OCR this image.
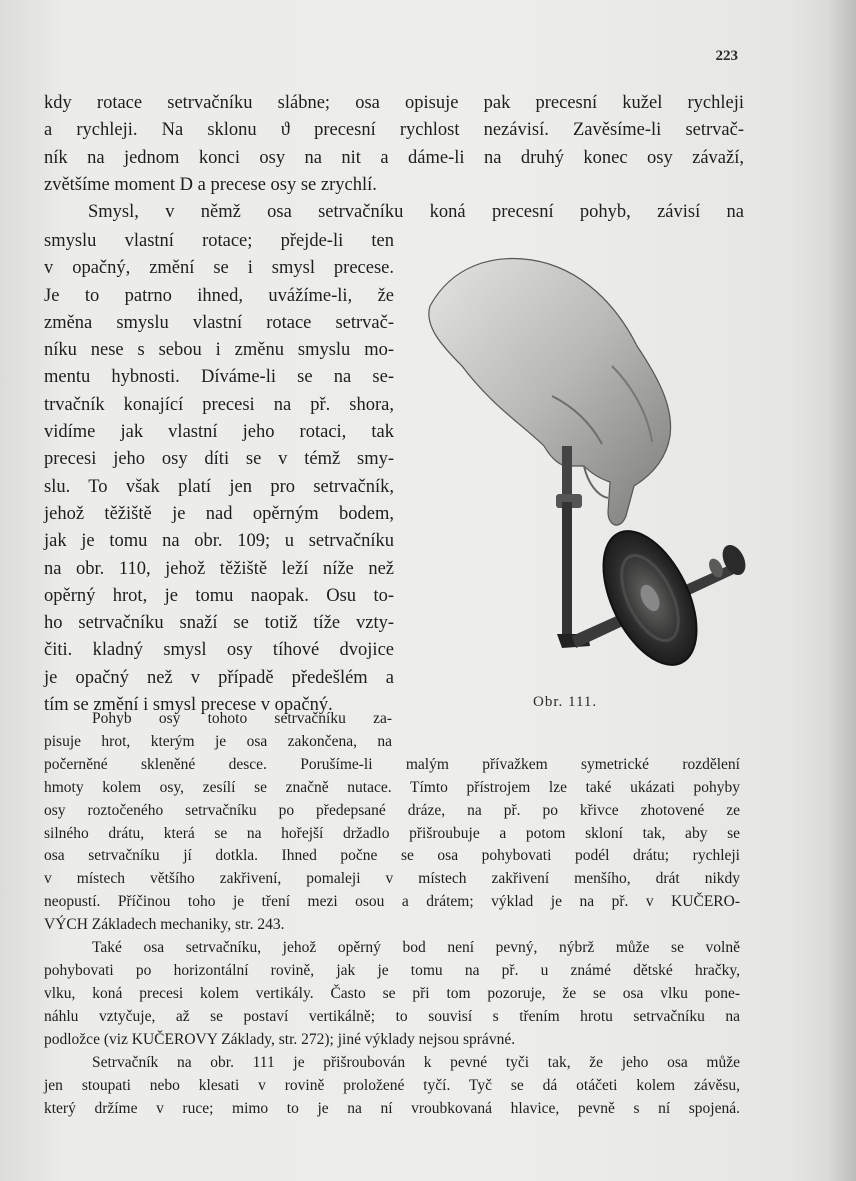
223
kdy rotace setrvačníku slábne; osa opisuje pak precesní kužel rychleji
a rychleji. Na sklonu ϑ precesní rychlost nezávisí. Zavěsíme-li setrvač-
ník na jednom konci osy na nit a dáme-li na druhý konec osy závaží,
zvětšíme moment D a precese osy se zrychlí.
Smysl, v němž osa setrvačníku koná precesní pohyb, závisí na
smyslu vlastní rotace; přejde-li ten
v opačný, změní se i smysl precese.
Je to patrno ihned, uvážíme-li, že
změna smyslu vlastní rotace setrvač-
níku nese s sebou i změnu smyslu mo-
mentu hybnosti. Díváme-li se na se-
trvačník konající precesi na př. shora,
vidíme jak vlastní jeho rotaci, tak
precesi jeho osy díti se v témž smy-
slu. To však platí jen pro setrvačník,
jehož těžiště je nad opěrným bodem,
jak je tomu na obr. 109; u setrvačníku
na obr. 110, jehož těžiště leží níže než
opěrný hrot, je tomu naopak. Osu to-
ho setrvačníku snaží se totiž tíže vzty-
čiti. kladný smysl osy tíhové dvojice
je opačný než v případě předešlém a
tím se změní i smysl precese v opačný.	Obr. 111.
Pohyb osy tohoto setrvačníku za-
pisuje hrot, kterým je osa zakončena, na
počerněné skleněné desce. Porušíme-li malým přívažkem symetrické rozdělení
hmoty kolem osy, zesílí se značně nutace. Tímto přístrojem lze také ukázati pohyby
osy roztočeného setrvačníku po předepsané dráze, na př. po křivce zhotovené ze
silného drátu, která se na hořejší držadlo přišroubuje a potom skloní tak, aby se
osa setrvačníku jí dotkla. Ihned počne se osa pohybovati podél drátu; rychleji
v místech většího zakřivení, pomaleji v místech zakřivení menšího, drát nikdy
neopustí. Příčinou toho je tření mezi osou a drátem; výklad je na př. v KUČERO-
VÝCH Základech mechaniky, str. 243.
Také osa setrvačníku, jehož opěrný bod není pevný, nýbrž může se volně
pohybovati po horizontální rovině, jak je tomu na př. u známé dětské hračky,
vlku, koná precesi kolem vertikály. Často se při tom pozoruje, že se osa vlku pone-
náhlu vztyčuje, až se postaví vertikálně; to souvisí s třením hrotu setrvačníku na
podložce (viz KUČEROVY Základy, str. 272); jiné výklady nejsou správné.
Setrvačník na obr. 111 je přišroubován k pevné tyči tak, že jeho osa může
jen stoupati nebo klesati v rovině proložené tyčí. Tyč se dá otáčeti kolem závěsu,
který držíme v ruce; mimo to je na ní vroubkovaná hlavice, pevně s ní spojená.
